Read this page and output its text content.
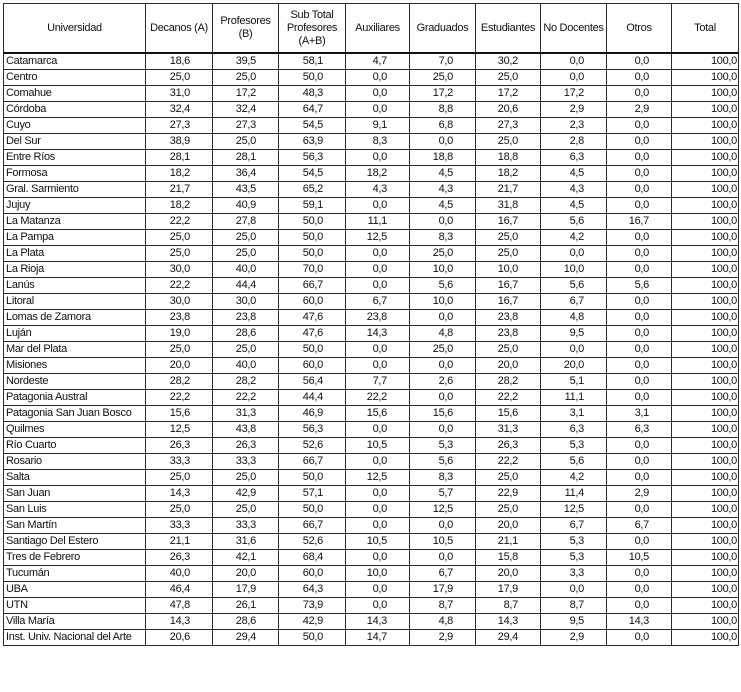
Universidad	Decanos (A)	Profesores (B)	Sub Total Profesores (A+B)	Auxiliares	Graduados	Estudiantes	No Docentes	Otros	Total
Catamarca	18,6	39,5	58,1	4,7	7,0	30,2	0,0	0,0	100,0
Centro	25,0	25,0	50,0	0,0	25,0	25,0	0,0	0,0	100,0
Comahue	31,0	17,2	48,3	0,0	17,2	17,2	17,2	0,0	100,0
Córdoba	32,4	32,4	64,7	0,0	8,8	20,6	2,9	2,9	100,0
Cuyo	27,3	27,3	54,5	9,1	6,8	27,3	2,3	0,0	100,0
Del Sur	38,9	25,0	63,9	8,3	0,0	25,0	2,8	0,0	100,0
Entre Ríos	28,1	28,1	56,3	0,0	18,8	18,8	6,3	0,0	100,0
Formosa	18,2	36,4	54,5	18,2	4,5	18,2	4,5	0,0	100,0
Gral. Sarmiento	21,7	43,5	65,2	4,3	4,3	21,7	4,3	0,0	100,0
Jujuy	18,2	40,9	59,1	0,0	4,5	31,8	4,5	0,0	100,0
La Matanza	22,2	27,8	50,0	11,1	0,0	16,7	5,6	16,7	100,0
La Pampa	25,0	25,0	50,0	12,5	8,3	25,0	4,2	0,0	100,0
La Plata	25,0	25,0	50,0	0,0	25,0	25,0	0,0	0,0	100,0
La Rioja	30,0	40,0	70,0	0,0	10,0	10,0	10,0	0,0	100,0
Lanús	22,2	44,4	66,7	0,0	5,6	16,7	5,6	5,6	100,0
Litoral	30,0	30,0	60,0	6,7	10,0	16,7	6,7	0,0	100,0
Lomas de Zamora	23,8	23,8	47,6	23,8	0,0	23,8	4,8	0,0	100,0
Luján	19,0	28,6	47,6	14,3	4,8	23,8	9,5	0,0	100,0
Mar del Plata	25,0	25,0	50,0	0,0	25,0	25,0	0,0	0,0	100,0
Misiones	20,0	40,0	60,0	0,0	0,0	20,0	20,0	0,0	100,0
Nordeste	28,2	28,2	56,4	7,7	2,6	28,2	5,1	0,0	100,0
Patagonia Austral	22,2	22,2	44,4	22,2	0,0	22,2	11,1	0,0	100,0
Patagonia San Juan Bosco	15,6	31,3	46,9	15,6	15,6	15,6	3,1	3,1	100,0
Quilmes	12,5	43,8	56,3	0,0	0,0	31,3	6,3	6,3	100,0
Río Cuarto	26,3	26,3	52,6	10,5	5,3	26,3	5,3	0,0	100,0
Rosario	33,3	33,3	66,7	0,0	5,6	22,2	5,6	0,0	100,0
Salta	25,0	25,0	50,0	12,5	8,3	25,0	4,2	0,0	100,0
San Juan	14,3	42,9	57,1	0,0	5,7	22,9	11,4	2,9	100,0
San Luis	25,0	25,0	50,0	0,0	12,5	25,0	12,5	0,0	100,0
San Martín	33,3	33,3	66,7	0,0	0,0	20,0	6,7	6,7	100,0
Santiago Del Estero	21,1	31,6	52,6	10,5	10,5	21,1	5,3	0,0	100,0
Tres de Febrero	26,3	42,1	68,4	0,0	0,0	15,8	5,3	10,5	100,0
Tucumán	40,0	20,0	60,0	10,0	6,7	20,0	3,3	0,0	100,0
UBA	46,4	17,9	64,3	0,0	17,9	17,9	0,0	0,0	100,0
UTN	47,8	26,1	73,9	0,0	8,7	8,7	8,7	0,0	100,0
Villa María	14,3	28,6	42,9	14,3	4,8	14,3	9,5	14,3	100,0
Inst. Univ. Nacional del Arte	20,6	29,4	50,0	14,7	2,9	29,4	2,9	0,0	100,0
